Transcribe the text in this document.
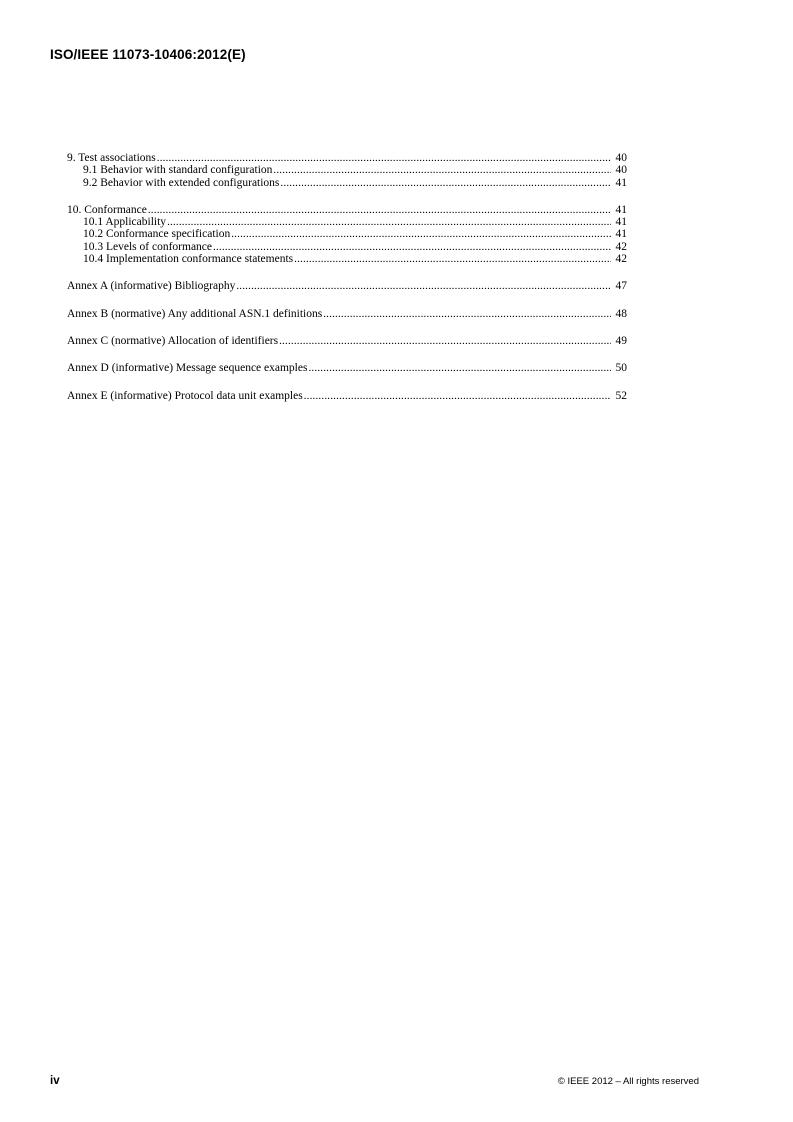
ISO/IEEE 11073-10406:2012(E)
9. Test associations .....	40
9.1 Behavior with standard configuration .....	40
9.2 Behavior with extended configurations .....	41
10. Conformance .....	41
10.1 Applicability .....	41
10.2 Conformance specification .....	41
10.3 Levels of conformance .....	42
10.4 Implementation conformance statements .....	42
Annex A (informative) Bibliography .....	47
Annex B (normative) Any additional ASN.1 definitions .....	48
Annex C (normative) Allocation of identifiers .....	49
Annex D (informative) Message sequence examples .....	50
Annex E (informative) Protocol data unit examples .....	52
iv	© IEEE 2012 – All rights reserved
